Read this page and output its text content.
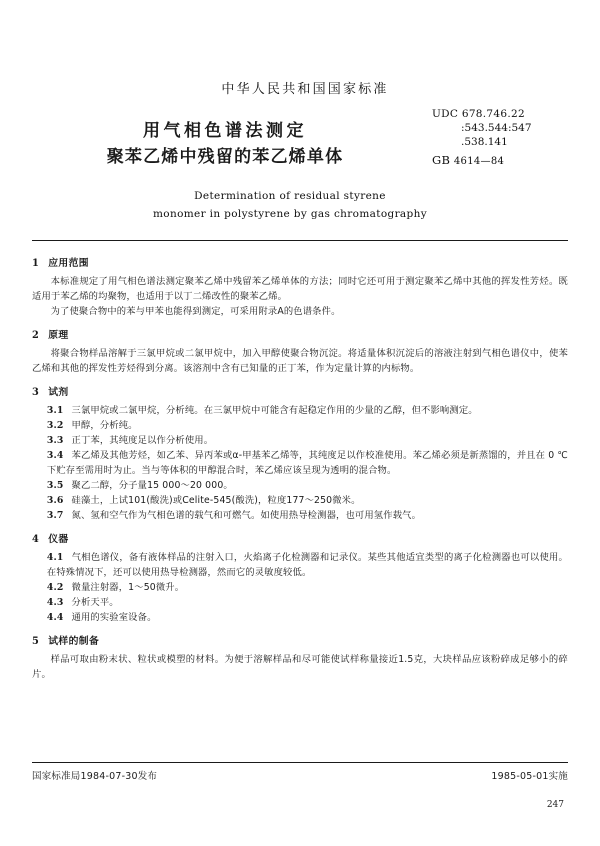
中华人民共和国国家标准
UDC 678.746.22
:543.544:547
.538.141
GB 4614—84
用气相色谱法测定
聚苯乙烯中残留的苯乙烯单体
Determination of residual styrene
monomer in polystyrene by gas chromatography
1 应用范围

本标准规定了用气相色谱法测定聚苯乙烯中残留苯乙烯单体的方法；同时它还可用于测定聚苯乙烯中其他的挥发性芳烃。既适用于苯乙烯的均聚物，也适用于以丁二烯改性的聚苯乙烯。

为了使聚合物中的苯与甲苯也能得到测定，可采用附录A的色谱条件。

2 原理

将聚合物样品溶解于三氯甲烷或二氯甲烷中，加入甲醇使聚合物沉淀。将适量体积沉淀后的溶液注射到气相色谱仪中，使苯乙烯和其他的挥发性芳烃得到分离。该溶剂中含有已知量的正丁苯，作为定量计算的内标物。

3 试剂

3.1 三氯甲烷或二氯甲烷，分析纯。在三氯甲烷中可能含有起稳定作用的少量的乙醇，但不影响测定。

3.2 甲醇，分析纯。

3.3 正丁苯，其纯度足以作分析使用。

3.4 苯乙烯及其他芳烃，如乙苯、异丙苯或α-甲基苯乙烯等，其纯度足以作校准使用。苯乙烯必须是新蒸馏的，并且在 0 ℃ 下贮存至需用时为止。当与等体积的甲醇混合时，苯乙烯应该呈现为透明的混合物。

3.5 聚乙二醇，分子量15 000～20 000。

3.6 硅藻土，上试101(酸洗)或Celite-545(酸洗)，粒度177～250微米。

3.7 氮、氢和空气作为气相色谱的载气和可燃气。如使用热导检测器，也可用氢作载气。

4 仪器

4.1 气相色谱仪，备有液体样品的注射入口，火焰离子化检测器和记录仪。某些其他适宜类型的离子化检测器也可以使用。在特殊情况下，还可以使用热导检测器，然而它的灵敏度较低。

4.2 微量注射器，1～50微升。

4.3 分析天平。

4.4 通用的实验室设备。

5 试样的制备

样品可取由粉末状、粒状或模塑的材料。为便于溶解样品和尽可能使试样称量接近1.5克，大块样品应该粉碎成足够小的碎片。

国家标准局1984-07-30发布	1985-05-01实施
247
